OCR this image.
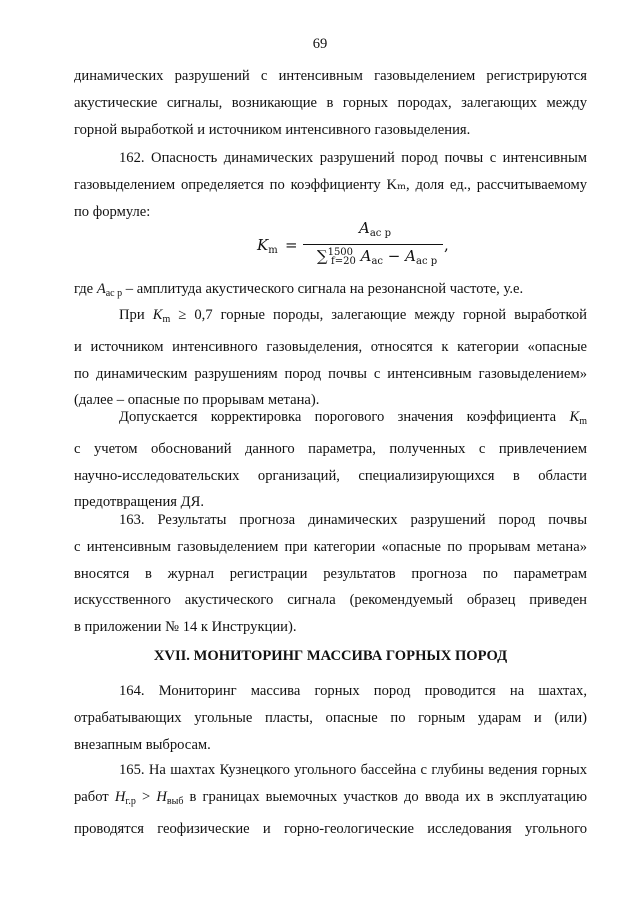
69
динамических разрушений с интенсивным газовыделением регистрируются
акустические сигналы, возникающие в горных породах, залегающих между
горной выработкой и источником интенсивного газовыделения.
162. Опасность динамических разрушений пород почвы с интенсивным
газовыделением определяется по коэффициенту Kₘ, доля ед., рассчитываемому
по формуле:
$K_m$ =
$A_{ас р}$
∑$^{1500}_{f=20}$ $A_{ас} - A_{ас р}$
,
где $A_{ас р}$ – амплитуда акустического сигнала на резонансной частоте, у.е.
При $K_m \ge 0,7$ горные породы, залегающие между горной выработкой
и источником интенсивного газовыделения, относятся к категории «опасные
по динамическим разрушениям пород почвы с интенсивным газовыделением»
(далее – опасные по прорывам метана).
Допускается корректировка порогового значения коэффициента $K_m$
с учетом обоснований данного параметра, полученных с привлечением
научно-исследовательских организаций, специализирующихся в области
предотвращения ДЯ.
163. Результаты прогноза динамических разрушений пород почвы
с интенсивным газовыделением при категории «опасные по прорывам метана»
вносятся в журнал регистрации результатов прогноза по параметрам
искусственного акустического сигнала (рекомендуемый образец приведен
в приложении № 14 к Инструкции).
XVII. МОНИТОРИНГ МАССИВА ГОРНЫХ ПОРОД
164. Мониторинг массива горных пород проводится на шахтах,
отрабатывающих угольные пласты, опасные по горным ударам и (или)
внезапным выбросам.
165. На шахтах Кузнецкого угольного бассейна с глубины ведения горных
работ $H_{г.р} > H_{выб}$ в границах выемочных участков до ввода их в эксплуатацию
проводятся геофизические и горно-геологические исследования угольного
